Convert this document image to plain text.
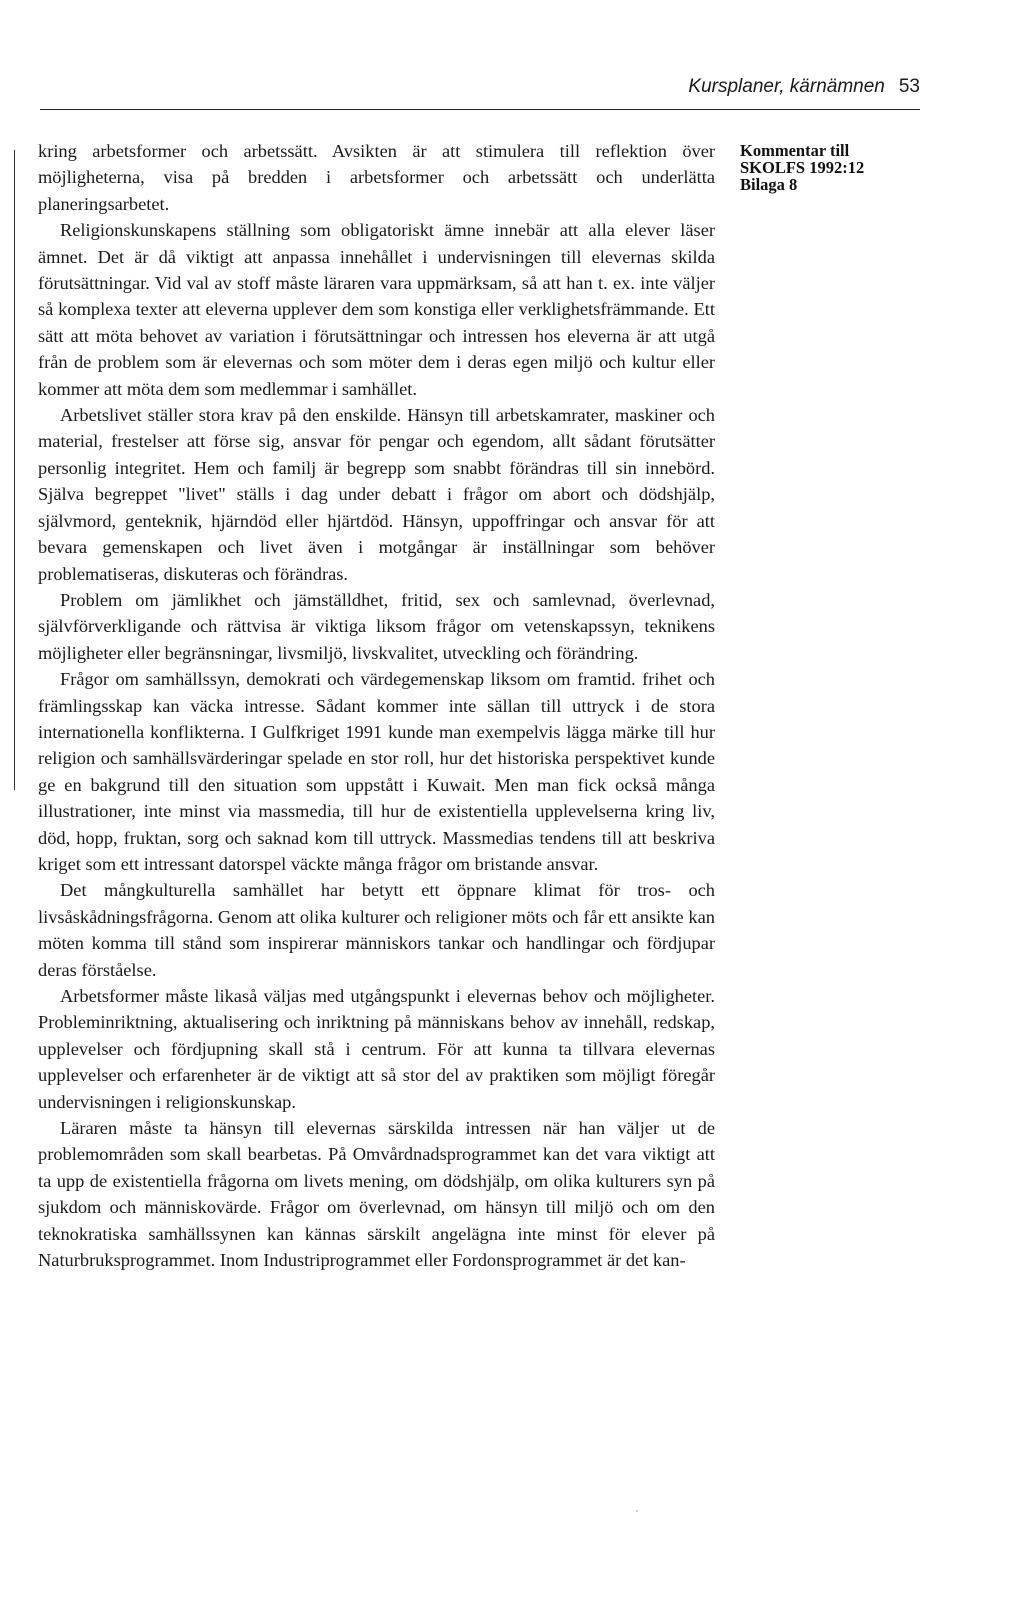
Kursplaner, kärnämnen 53
Kommentar till
SKOLFS 1992:12
Bilaga 8

kring arbetsformer och arbetssätt. Avsikten är att stimulera till reflektion över möjligheterna, visa på bredden i arbetsformer och arbetssätt och underlätta planeringsarbetet.

Religionskunskapens ställning som obligatoriskt ämne innebär att alla elever läser ämnet. Det är då viktigt att anpassa innehållet i undervisningen till elevernas skilda förutsättningar. Vid val av stoff måste läraren vara uppmärksam, så att han t. ex. inte väljer så komplexa texter att eleverna upplever dem som konstiga eller verklighetsfrämmande. Ett sätt att möta behovet av variation i förutsättningar och intressen hos eleverna är att utgå från de problem som är elevernas och som möter dem i deras egen miljö och kultur eller kommer att möta dem som medlemmar i samhället.

Arbetslivet ställer stora krav på den enskilde. Hänsyn till arbetskamrater, maskiner och material, frestelser att förse sig, ansvar för pengar och egendom, allt sådant förutsätter personlig integritet. Hem och familj är begrepp som snabbt förändras till sin innebörd. Själva begreppet "livet" ställs i dag under debatt i frågor om abort och dödshjälp, självmord, genteknik, hjärndöd eller hjärtdöd. Hänsyn, uppoffringar och ansvar för att bevara gemenskapen och livet även i motgångar är inställningar som behöver problematiseras, diskuteras och förändras.

Problem om jämlikhet och jämställdhet, fritid, sex och samlevnad, överlevnad, självförverkligande och rättvisa är viktiga liksom frågor om vetenskapssyn, teknikens möjligheter eller begränsningar, livsmiljö, livskvalitet, utveckling och förändring.

Frågor om samhällssyn, demokrati och värdegemenskap liksom om framtid. frihet och främlingsskap kan väcka intresse. Sådant kommer inte sällan till uttryck i de stora internationella konflikterna. I Gulfkriget 1991 kunde man exempelvis lägga märke till hur religion och samhällsvärderingar spelade en stor roll, hur det historiska perspektivet kunde ge en bakgrund till den situation som uppstått i Kuwait. Men man fick också många illustrationer, inte minst via massmedia, till hur de existentiella upplevelserna kring liv, död, hopp, fruktan, sorg och saknad kom till uttryck. Massmedias tendens till att beskriva kriget som ett intressant datorspel väckte många frågor om bristande ansvar.

Det mångkulturella samhället har betytt ett öppnare klimat för tros- och livsåskådningsfrågorna. Genom att olika kulturer och religioner möts och får ett ansikte kan möten komma till stånd som inspirerar människors tankar och handlingar och fördjupar deras förståelse.

Arbetsformer måste likaså väljas med utgångspunkt i elevernas behov och möjligheter. Probleminriktning, aktualisering och inriktning på människans behov av innehåll, redskap, upplevelser och fördjupning skall stå i centrum. För att kunna ta tillvara elevernas upplevelser och erfarenheter är de viktigt att så stor del av praktiken som möjligt föregår undervisningen i religionskunskap.

Läraren måste ta hänsyn till elevernas särskilda intressen när han väljer ut de problemområden som skall bearbetas. På Omvårdnadsprogrammet kan det vara viktigt att ta upp de existentiella frågorna om livets mening, om dödshjälp, om olika kulturers syn på sjukdom och människovärde. Frågor om överlevnad, om hänsyn till miljö och om den teknokratiska samhällssynen kan kännas särskilt angelägna inte minst för elever på Naturbruksprogrammet. Inom Industriprogrammet eller Fordonsprogrammet är det kan-
